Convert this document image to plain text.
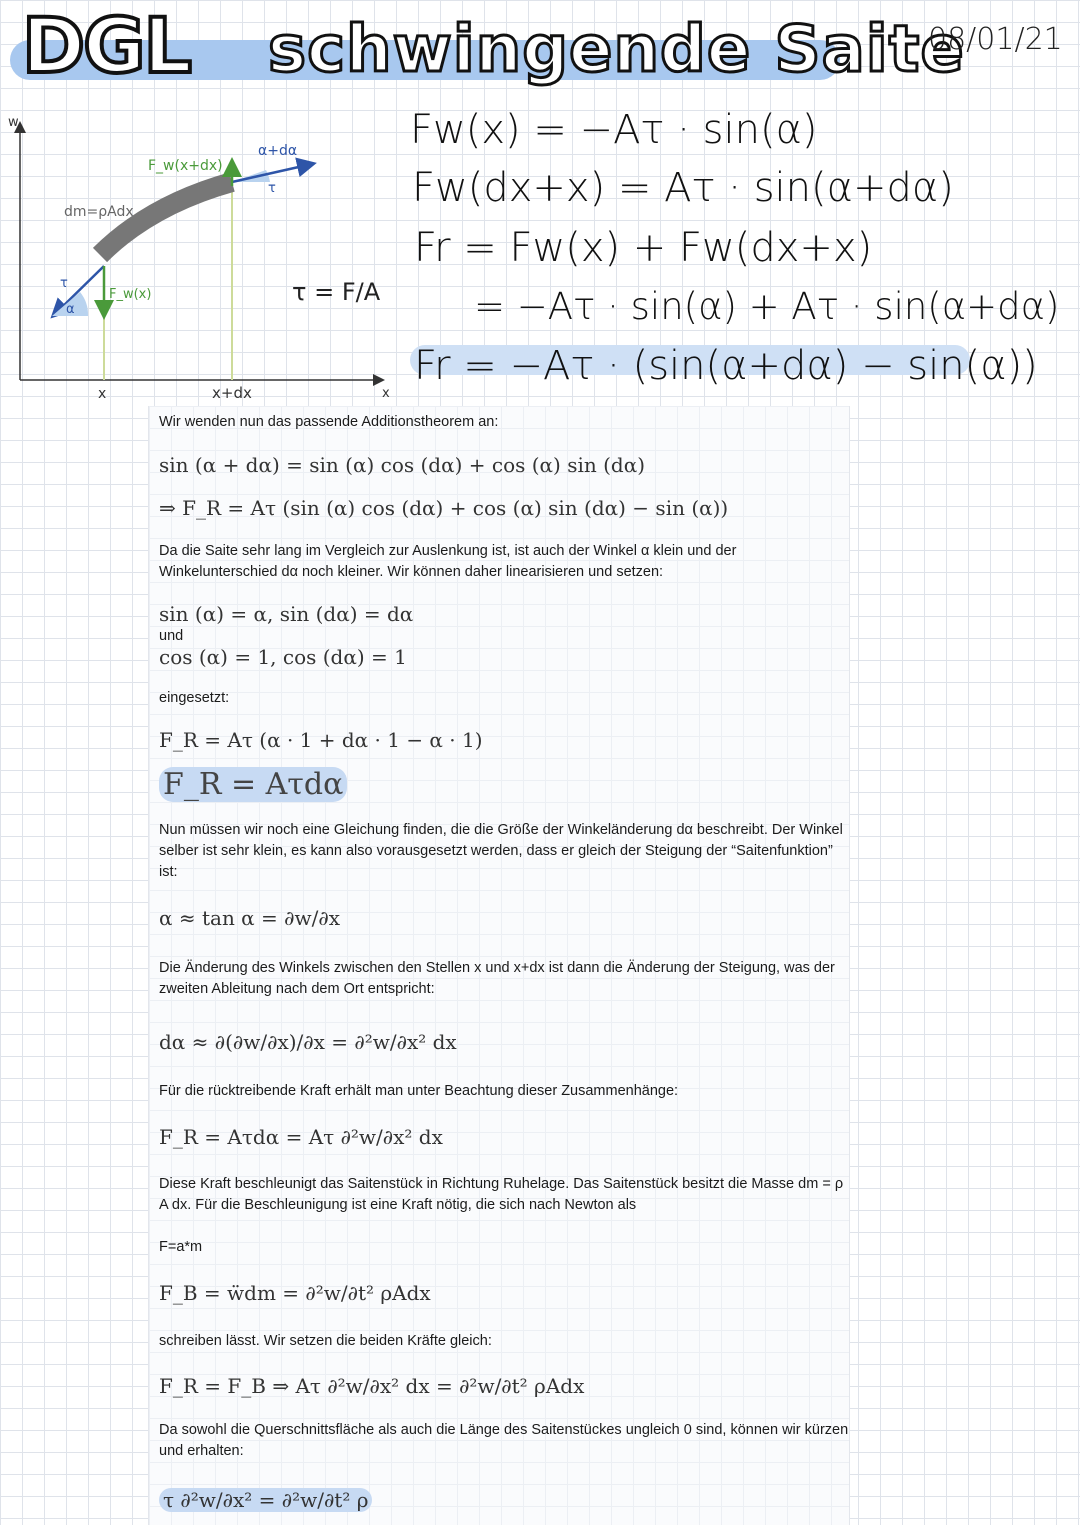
DGL schwingende Saite
08/01/21
w
x
α
τ
F_w(x)
α+dα
τ
F_w(x+dx)
dm=ρAdx
x	x+dx
τ = F/A
Fw(x) = −Aτ · sin(α)
Fw(dx+x) = Aτ · sin(α+dα)
Fr = Fw(x) + Fw(dx+x)
= −Aτ · sin(α) + Aτ · sin(α+dα)
Fr = −Aτ · (sin(α+dα) − sin(α))
Wir wenden nun das passende Additionstheorem an:
sin (α + dα) = sin (α) cos (dα) + cos (α) sin (dα)
⇒ F_R = Aτ (sin (α) cos (dα) + cos (α) sin (dα) − sin (α))
Da die Saite sehr lang im Vergleich zur Auslenkung ist, ist auch der Winkel α klein und der Winkelunterschied dα noch kleiner. Wir können daher linearisieren und setzen:
sin (α) = α, sin (dα) = dα
und
cos (α) = 1, cos (dα) = 1
eingesetzt:
F_R = Aτ (α · 1 + dα · 1 − α · 1)
F_R = Aτdα
Nun müssen wir noch eine Gleichung finden, die die Größe der Winkeländerung dα beschreibt. Der Winkel selber ist sehr klein, es kann also vorausgesetzt werden, dass er gleich der Steigung der “Saitenfunktion” ist:
α ≈ tan α = ∂w/∂x
Die Änderung des Winkels zwischen den Stellen x und x+dx ist dann die Änderung der Steigung, was der zweiten Ableitung nach dem Ort entspricht:
dα ≈ ∂(∂w/∂x)/∂x = ∂²w/∂x² dx
Für die rücktreibende Kraft erhält man unter Beachtung dieser Zusammenhänge:
F_R = Aτdα = Aτ ∂²w/∂x² dx
Diese Kraft beschleunigt das Saitenstück in Richtung Ruhelage. Das Saitenstück besitzt die Masse dm = ρ A dx. Für die Beschleunigung ist eine Kraft nötig, die sich nach Newton als
F=a*m
F_B = ẅdm = ∂²w/∂t² ρAdx
schreiben lässt. Wir setzen die beiden Kräfte gleich:
F_R = F_B ⇒ Aτ ∂²w/∂x² dx = ∂²w/∂t² ρAdx
Da sowohl die Querschnittsfläche als auch die Länge des Saitenstückes ungleich 0 sind, können wir kürzen und erhalten:
τ ∂²w/∂x² = ∂²w/∂t² ρ
